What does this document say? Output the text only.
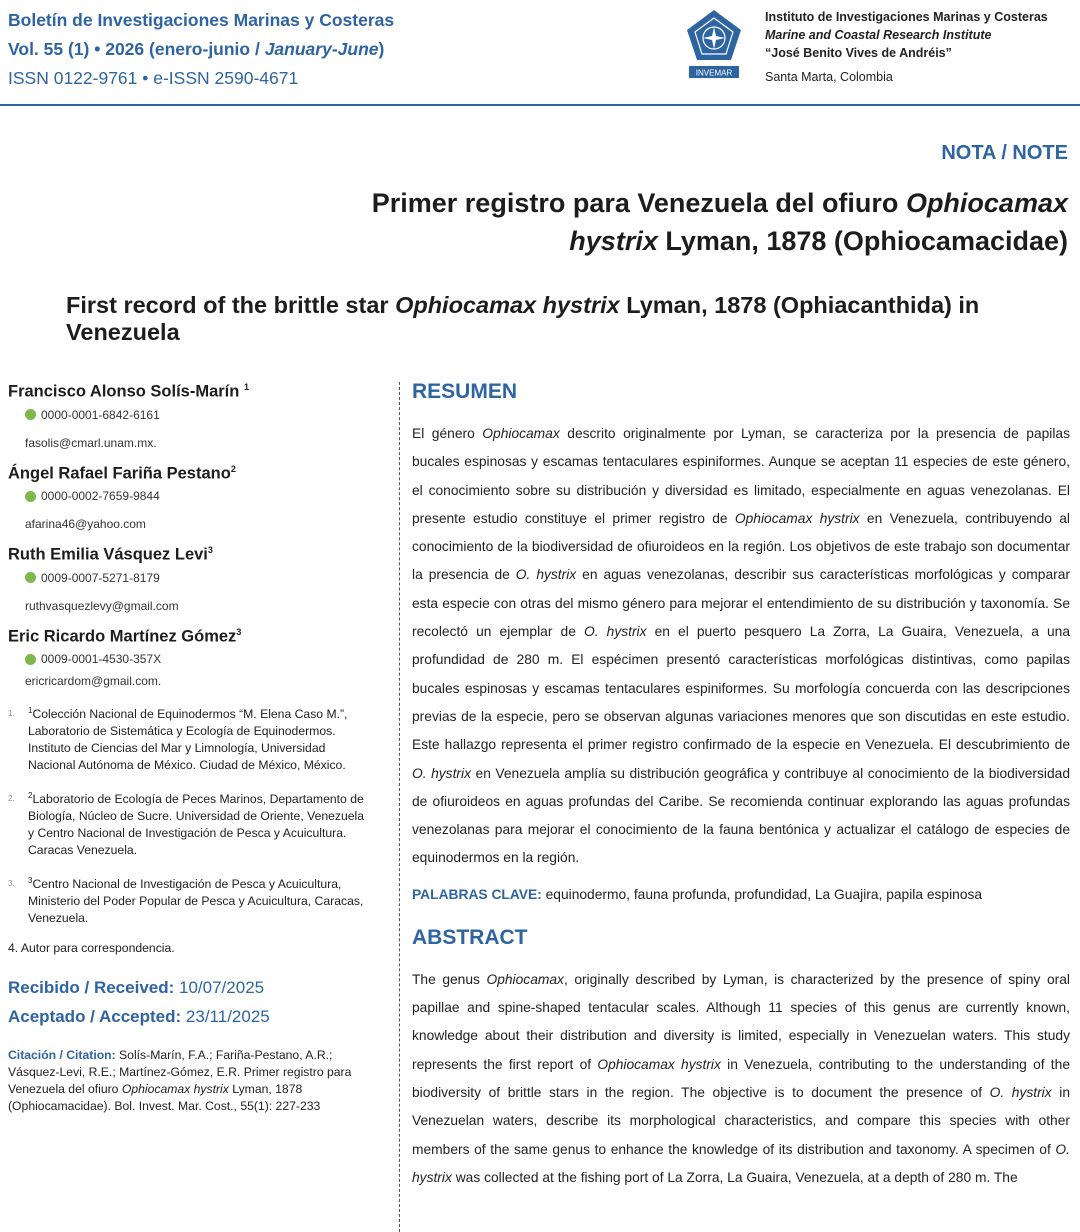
Boletín de Investigaciones Marinas y Costeras
Vol. 55 (1) • 2026 (enero-junio / January-June)
ISSN 0122-9761 • e-ISSN 2590-4671	INVEMAR
Instituto de Investigaciones Marinas y Costeras
Marine and Coastal Research Institute
“José Benito Vives de Andréis”
Santa Marta, Colombia
NOTA / NOTE
Primer registro para Venezuela del ofiuro Ophiocamax hystrix Lyman, 1878 (Ophiocamacidae)
First record of the brittle star Ophiocamax hystrix Lyman, 1878 (Ophiacanthida) in Venezuela
Francisco Alonso Solís-Marín $^1$
0000-0001-6842-6161
fasolis@cmarl.unam.mx.
Ángel Rafael Fariña Pestano$^2$
0000-0002-7659-9844
afarina46@yahoo.com
Ruth Emilia Vásquez Levi$^3$
0009-0007-5271-8179
ruthvasquezlevy@gmail.com
Eric Ricardo Martínez Gómez$^3$
0009-0001-4530-357X
ericricardom@gmail.com.
1.	$^1$Colección Nacional de Equinodermos “M. Elena Caso M.”, Laboratorio de Sistemática y Ecología de Equinodermos. Instituto de Ciencias del Mar y Limnología, Universidad Nacional Autónoma de México. Ciudad de México, México.
2.	$^2$Laboratorio de Ecología de Peces Marinos, Departamento de Biología, Núcleo de Sucre. Universidad de Oriente, Venezuela y Centro Nacional de Investigación de Pesca y Acuicultura. Caracas Venezuela.
3.	$^3$Centro Nacional de Investigación de Pesca y Acuicultura, Ministerio del Poder Popular de Pesca y Acuicultura, Caracas, Venezuela.
4. Autor para correspondencia.
Recibido / Received: 10/07/2025
Aceptado / Accepted: 23/11/2025
Citación / Citation: Solís-Marín, F.A.; Fariña-Pestano, A.R.; Vásquez-Levi, R.E.; Martínez-Gómez, E.R. Primer registro para Venezuela del ofiuro Ophiocamax hystrix Lyman, 1878 (Ophiocamacidae). Bol. Invest. Mar. Cost., 55(1): 227-233
RESUMEN

El género Ophiocamax descrito originalmente por Lyman, se caracteriza por la presencia de papilas bucales espinosas y escamas tentaculares espiniformes. Aunque se aceptan 11 especies de este género, el conocimiento sobre su distribución y diversidad es limitado, especialmente en aguas venezolanas. El presente estudio constituye el primer registro de Ophiocamax hystrix en Venezuela, contribuyendo al conocimiento de la biodiversidad de ofiuroideos en la región. Los objetivos de este trabajo son documentar la presencia de O. hystrix en aguas venezolanas, describir sus características morfológicas y comparar esta especie con otras del mismo género para mejorar el entendimiento de su distribución y taxonomía. Se recolectó un ejemplar de O. hystrix en el puerto pesquero La Zorra, La Guaira, Venezuela, a una profundidad de 280 m. El espécimen presentó características morfológicas distintivas, como papilas bucales espinosas y escamas tentaculares espiniformes. Su morfología concuerda con las descripciones previas de la especie, pero se observan algunas variaciones menores que son discutidas en este estudio. Este hallazgo representa el primer registro confirmado de la especie en Venezuela. El descubrimiento de O. hystrix en Venezuela amplía su distribución geográfica y contribuye al conocimiento de la biodiversidad de ofiuroideos en aguas profundas del Caribe. Se recomienda continuar explorando las aguas profundas venezolanas para mejorar el conocimiento de la fauna bentónica y actualizar el catálogo de especies de equinodermos en la región.

PALABRAS CLAVE: equinodermo, fauna profunda, profundidad, La Guajira, papila espinosa
ABSTRACT

The genus Ophiocamax, originally described by Lyman, is characterized by the presence of spiny oral papillae and spine-shaped tentacular scales. Although 11 species of this genus are currently known, knowledge about their distribution and diversity is limited, especially in Venezuelan waters. This study represents the first report of Ophiocamax hystrix in Venezuela, contributing to the understanding of the biodiversity of brittle stars in the region. The objective is to document the presence of O. hystrix in Venezuelan waters, describe its morphological characteristics, and compare this species with other members of the same genus to enhance the knowledge of its distribution and taxonomy. A specimen of O. hystrix was collected at the fishing port of La Zorra, La Guaira, Venezuela, at a depth of 280 m. The
